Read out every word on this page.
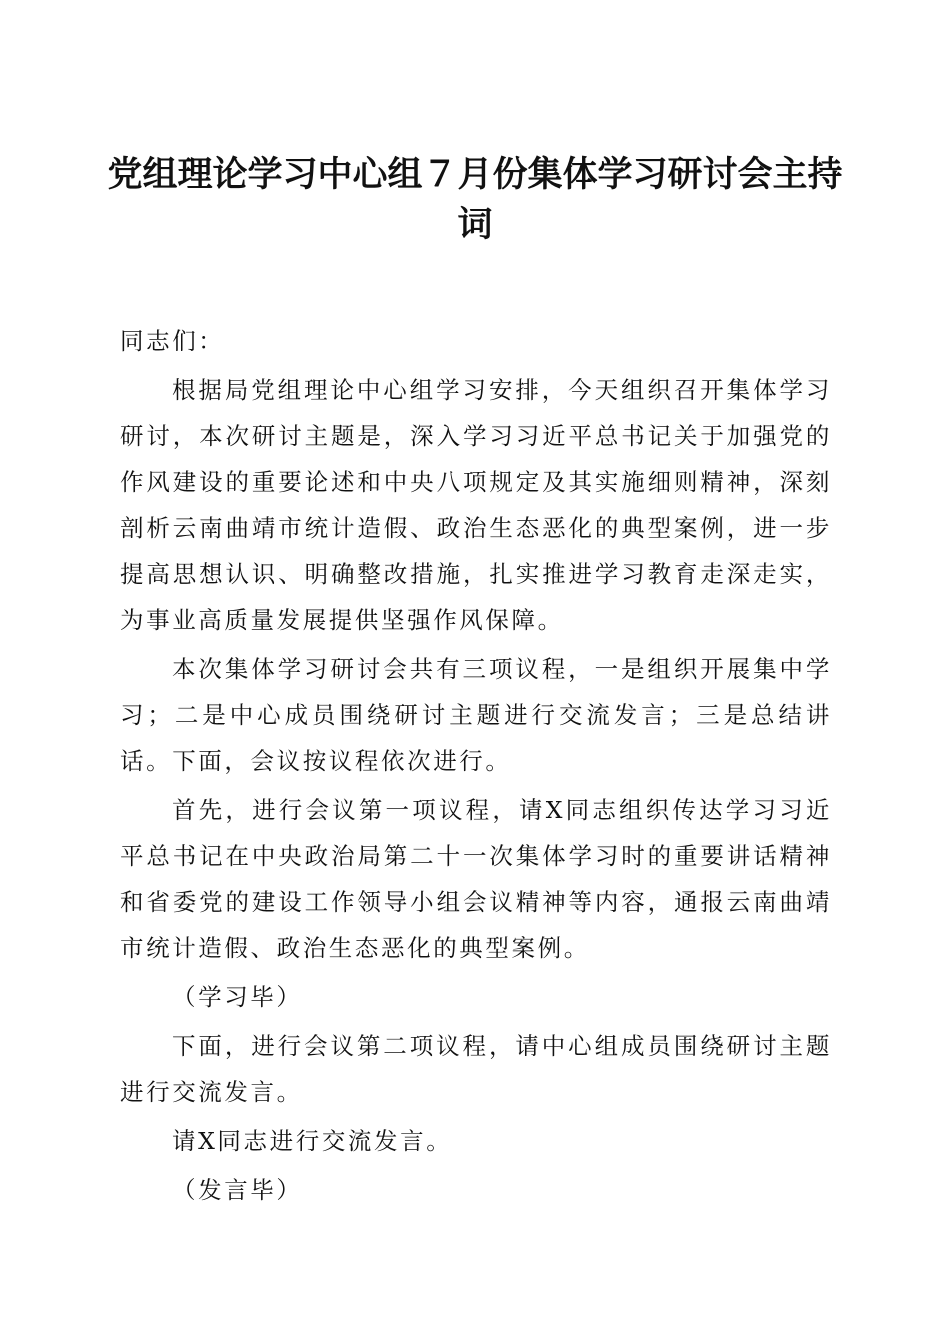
党组理论学习中心组７月份集体学习研讨会主持词

同志们：

根据局党组理论中心组学习安排，今天组织召开集体学习研讨，本次研讨主题是，深入学习习近平总书记关于加强党的作风建设的重要论述和中央八项规定及其实施细则精神，深刻剖析云南曲靖市统计造假、政治生态恶化的典型案例，进一步提高思想认识、明确整改措施，扎实推进学习教育走深走实，为事业高质量发展提供坚强作风保障。

本次集体学习研讨会共有三项议程，一是组织开展集中学习；二是中心成员围绕研讨主题进行交流发言；三是总结讲话。下面，会议按议程依次进行。

首先，进行会议第一项议程，请X同志组织传达学习习近平总书记在中央政治局第二十一次集体学习时的重要讲话精神和省委党的建设工作领导小组会议精神等内容，通报云南曲靖市统计造假、政治生态恶化的典型案例。

（学习毕）

下面，进行会议第二项议程，请中心组成员围绕研讨主题进行交流发言。

请X同志进行交流发言。

（发言毕）
